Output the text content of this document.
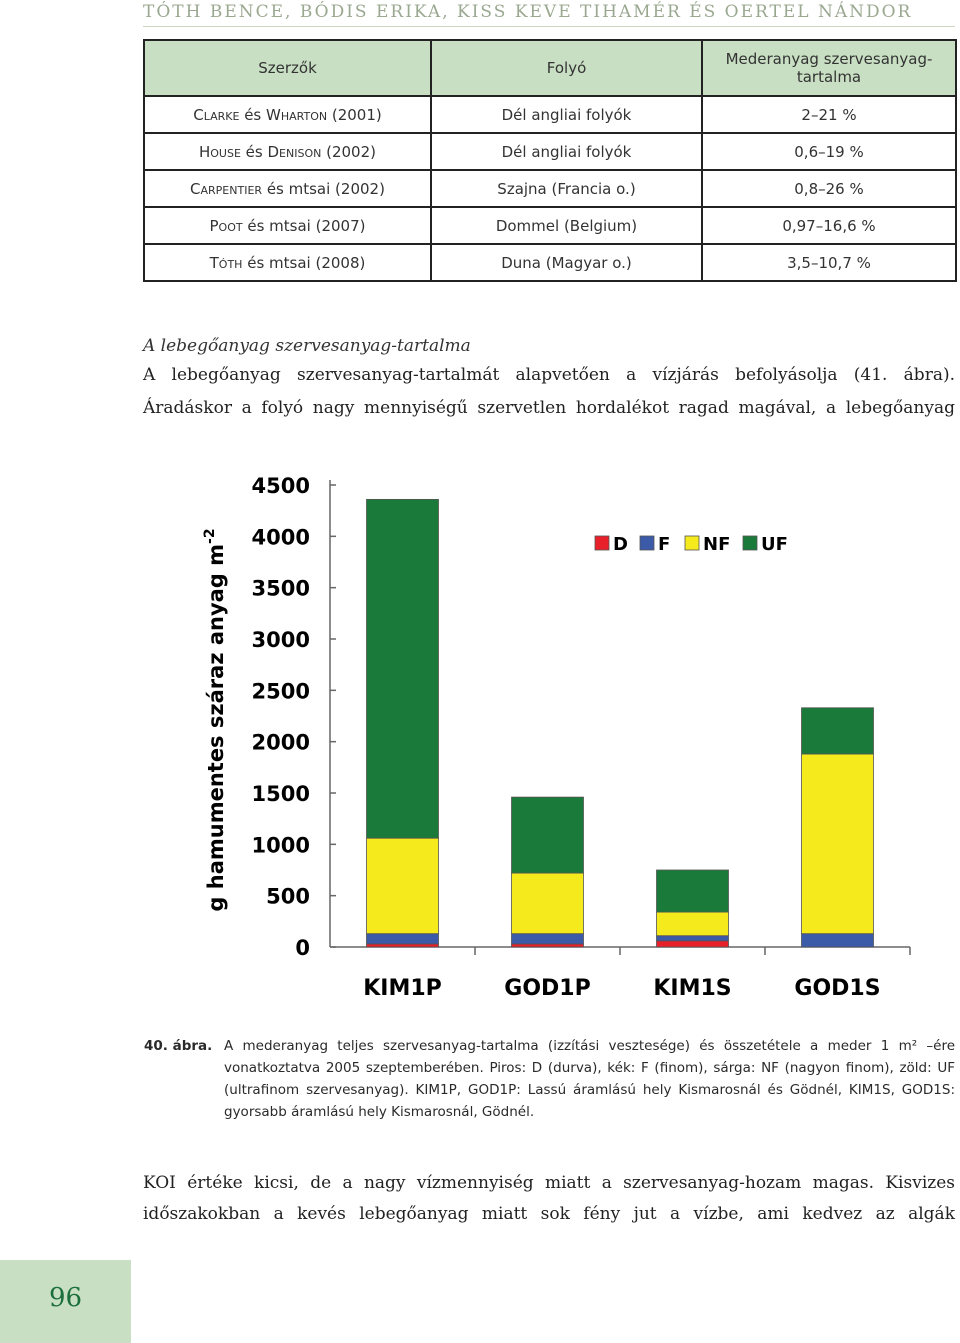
TÓTH BENCE, BÓDIS ERIKA, KISS KEVE TIHAMÉR ÉS OERTEL NÁNDOR
Szerzők	Folyó	Mederanyag szervesanyag-tartalma
Clarke és Wharton (2001)	Dél angliai folyók	2–21 %
House és Denison (2002)	Dél angliai folyók	0,6–19 %
Carpentier és mtsai (2002)	Szajna (Francia o.)	0,8–26 %
Poot és mtsai (2007)	Dommel (Belgium)	0,97–16,6 %
Tóth és mtsai (2008)	Duna (Magyar o.)	3,5–10,7 %
A lebegőanyag szervesanyag-tartalma
A lebegőanyag szervesanyag-tartalmát alapvetően a vízjárás befolyásolja (41. ábra).
Áradáskor a folyó nagy mennyiségű szervetlen hordalékot ragad magával, a lebegőanyag
0
500
1000
1500
2000
2500
3000
3500
4000
4500
KIM1P	GOD1P	KIM1S	GOD1S
D F NF UF
g hamumentes száraz anyag $m^{-2}$
40. ábra. A mederanyag teljes szervesanyag-tartalma (izzítási vesztesége) és összetétele a meder 1 m² –ére vonatkoztatva 2005 szeptemberében. Piros: D (durva), kék: F (finom), sárga: NF (nagyon finom), zöld: UF (ultrafinom szervesanyag). KIM1P, GOD1P: Lassú áramlású hely Kismarosnál és Gödnél, KIM1S, GOD1S: gyorsabb áramlású hely Kismarosnál, Gödnél.
KOI értéke kicsi, de a nagy vízmennyiség miatt a szervesanyag-hozam magas. Kisvizes
időszakokban a kevés lebegőanyag miatt sok fény jut a vízbe, ami kedvez az algák
96
